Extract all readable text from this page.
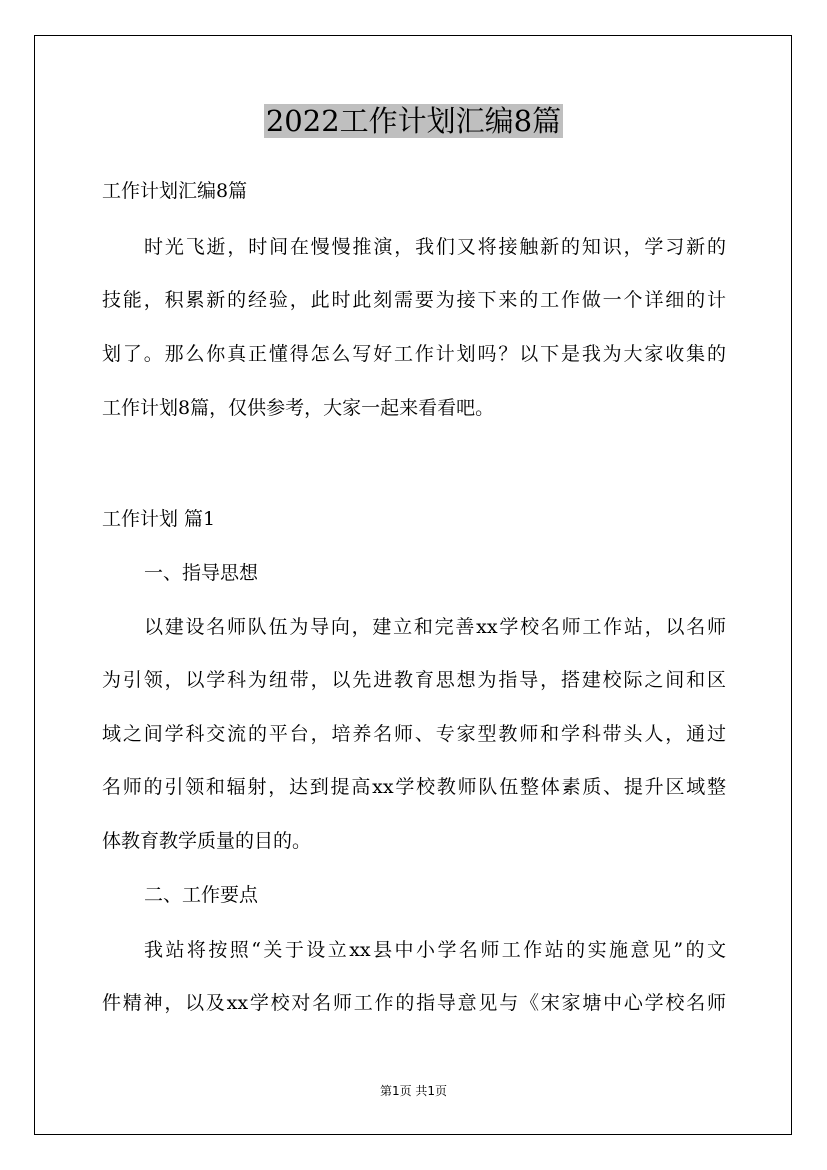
2022工作计划汇编8篇
工作计划汇编8篇
时光飞逝，时间在慢慢推演，我们又将接触新的知识，学习新的
技能，积累新的经验，此时此刻需要为接下来的工作做一个详细的计
划了。那么你真正懂得怎么写好工作计划吗？以下是我为大家收集的
工作计划8篇，仅供参考，大家一起来看看吧。
工作计划 篇1
一、指导思想
以建设名师队伍为导向，建立和完善xx学校名师工作站，以名师
为引领，以学科为纽带，以先进教育思想为指导，搭建校际之间和区
域之间学科交流的平台，培养名师、专家型教师和学科带头人，通过
名师的引领和辐射，达到提高xx学校教师队伍整体素质、提升区域整
体教育教学质量的目的。
二、工作要点
我站将按照“关于设立xx县中小学名师工作站的实施意见”的文
件精神，以及xx学校对名师工作的指导意见与《宋家塘中心学校名师
第1页 共1页
